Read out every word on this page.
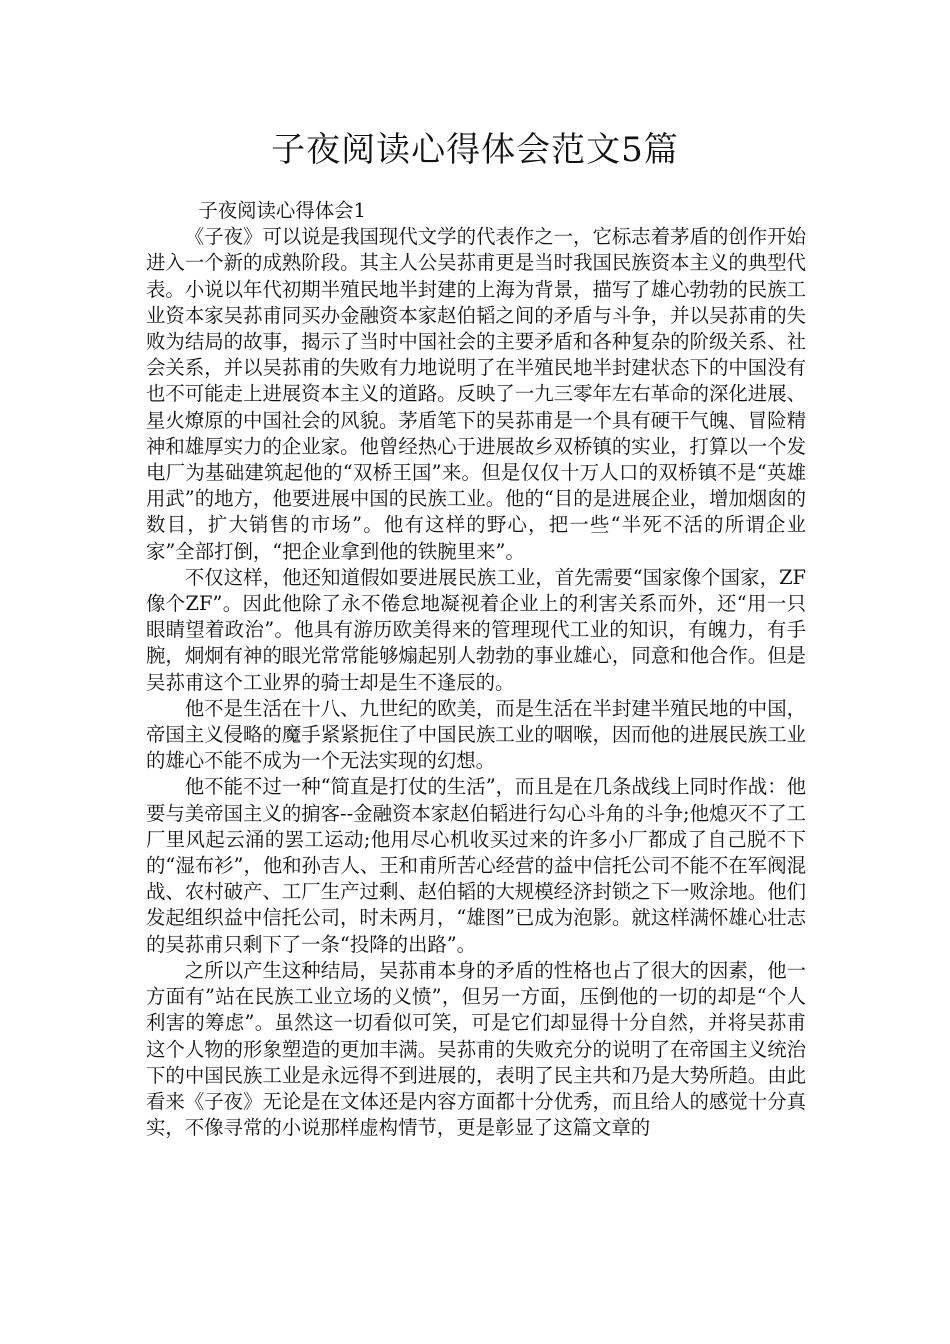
子夜阅读心得体会范文5篇

子夜阅读心得体会1

《子夜》可以说是我国现代文学的代表作之一，它标志着茅盾的创作开始进入一个新的成熟阶段。其主人公吴荪甫更是当时我国民族资本主义的典型代表。小说以年代初期半殖民地半封建的上海为背景，描写了雄心勃勃的民族工业资本家吴荪甫同买办金融资本家赵伯韬之间的矛盾与斗争，并以吴荪甫的失败为结局的故事，揭示了当时中国社会的主要矛盾和各种复杂的阶级关系、社会关系，并以吴荪甫的失败有力地说明了在半殖民地半封建状态下的中国没有也不可能走上进展资本主义的道路。反映了一九三零年左右革命的深化进展、星火燎原的中国社会的风貌。茅盾笔下的吴荪甫是一个具有硬干气魄、冒险精神和雄厚实力的企业家。他曾经热心于进展故乡双桥镇的实业，打算以一个发电厂为基础建筑起他的“双桥王国”来。但是仅仅十万人口的双桥镇不是“英雄用武”的地方，他要进展中国的民族工业。他的“目的是进展企业，增加烟囱的数目，扩大销售的市场”。他有这样的野心，把一些“半死不活的所谓企业家”全部打倒，“把企业拿到他的铁腕里来”。

不仅这样，他还知道假如要进展民族工业，首先需要“国家像个国家，ZF像个ZF”。因此他除了永不倦怠地凝视着企业上的利害关系而外，还“用一只眼睛望着政治”。他具有游历欧美得来的管理现代工业的知识，有魄力，有手腕，炯炯有神的眼光常常能够煽起别人勃勃的事业雄心，同意和他合作。但是吴荪甫这个工业界的骑士却是生不逢辰的。

他不是生活在十八、九世纪的欧美，而是生活在半封建半殖民地的中国，帝国主义侵略的魔手紧紧扼住了中国民族工业的咽喉，因而他的进展民族工业的雄心不能不成为一个无法实现的幻想。

他不能不过一种“简直是打仗的生活”，而且是在几条战线上同时作战：他要与美帝国主义的掮客--金融资本家赵伯韬进行勾心斗角的斗争;他熄灭不了工厂里风起云涌的罢工运动;他用尽心机收买过来的许多小厂都成了自己脱不下的“湿布衫”，他和孙吉人、王和甫所苦心经营的益中信托公司不能不在军阀混战、农村破产、工厂生产过剩、赵伯韬的大规模经济封锁之下一败涂地。他们发起组织益中信托公司，时未两月，“雄图”已成为泡影。就这样满怀雄心壮志的吴荪甫只剩下了一条“投降的出路”。

之所以产生这种结局，吴荪甫本身的矛盾的性格也占了很大的因素，他一方面有”站在民族工业立场的义愤”，但另一方面，压倒他的一切的却是“个人利害的筹虑”。虽然这一切看似可笑，可是它们却显得十分自然，并将吴荪甫这个人物的形象塑造的更加丰满。吴荪甫的失败充分的说明了在帝国主义统治下的中国民族工业是永远得不到进展的，表明了民主共和乃是大势所趋。由此看来《子夜》无论是在文体还是内容方面都十分优秀，而且给人的感觉十分真实，不像寻常的小说那样虚构情节，更是彰显了这篇文章的
